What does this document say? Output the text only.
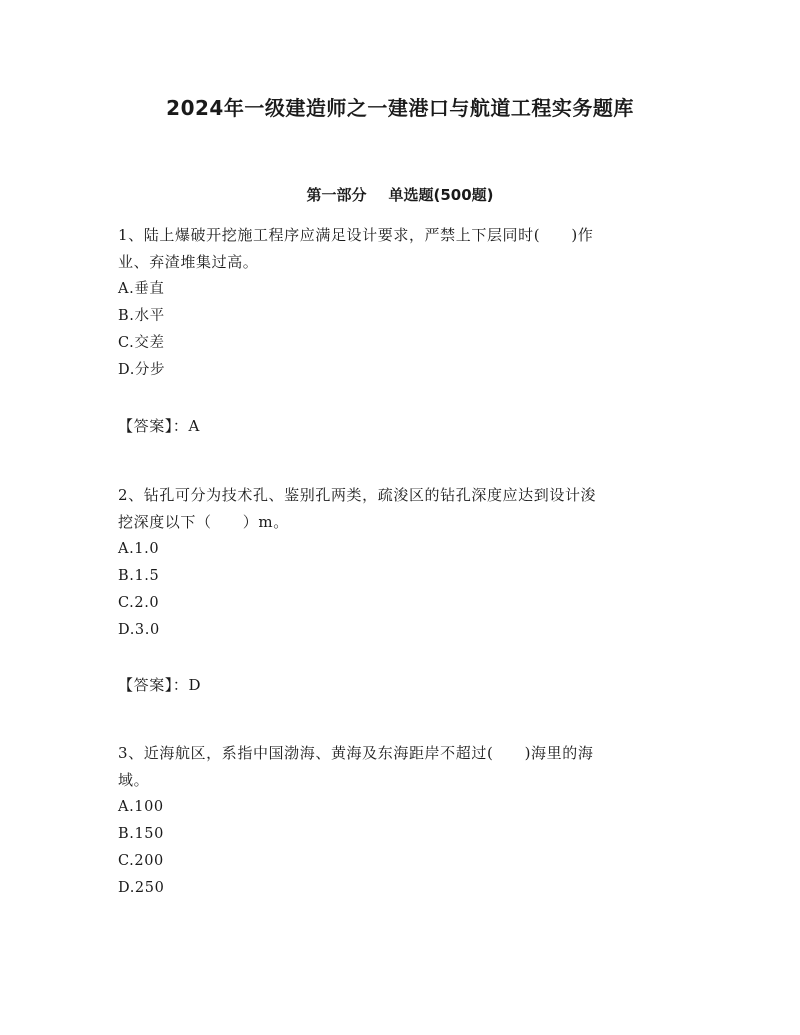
2024年一级建造师之一建港口与航道工程实务题库
第一部分 单选题(500题)

1、陆上爆破开挖施工程序应满足设计要求，严禁上下层同时(　　)作

业、弃渣堆集过高。

A.垂直

B.水平

C.交差

D.分步

【答案】：A

2、钻孔可分为技术孔、鉴别孔两类，疏浚区的钻孔深度应达到设计浚

挖深度以下（　　）m。

A.1.0

B.1.5

C.2.0

D.3.0

【答案】：D

3、近海航区，系指中国渤海、黄海及东海距岸不超过(　　)海里的海

域。

A.100

B.150

C.200

D.250
